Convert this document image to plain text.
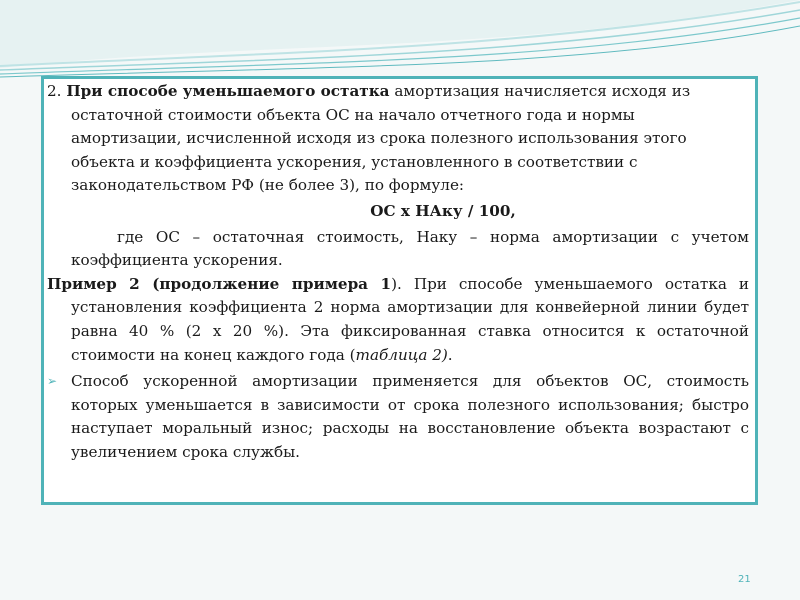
2. При способе уменьшаемого остатка амортизация начисляется исходя из остаточной стоимости объекта ОС на начало отчетного года и нормы амортизации, исчисленной исходя из срока полезного использования этого объекта и коэффициента ускорения, установленного в соответствии с законодательством РФ (не более 3), по формуле:

ОС х НАку / 100,

где ОС – остаточная стоимость, Наку – норма амортизации с учетом коэффициента ускорения.

Пример 2 (продолжение примера 1). При способе уменьшаемого остатка и установления коэффициента 2 норма амортизации для конвейерной линии будет равна 40 % (2 х 20 %). Эта фиксированная ставка относится к остаточной стоимости на конец каждого года (таблица 2).

➢ Способ ускоренной амортизации применяется для объектов ОС, стоимость которых уменьшается в зависимости от срока полезного использования; быстро наступает моральный износ; расходы на восстановление объекта возрастают с увеличением срока службы.
21
